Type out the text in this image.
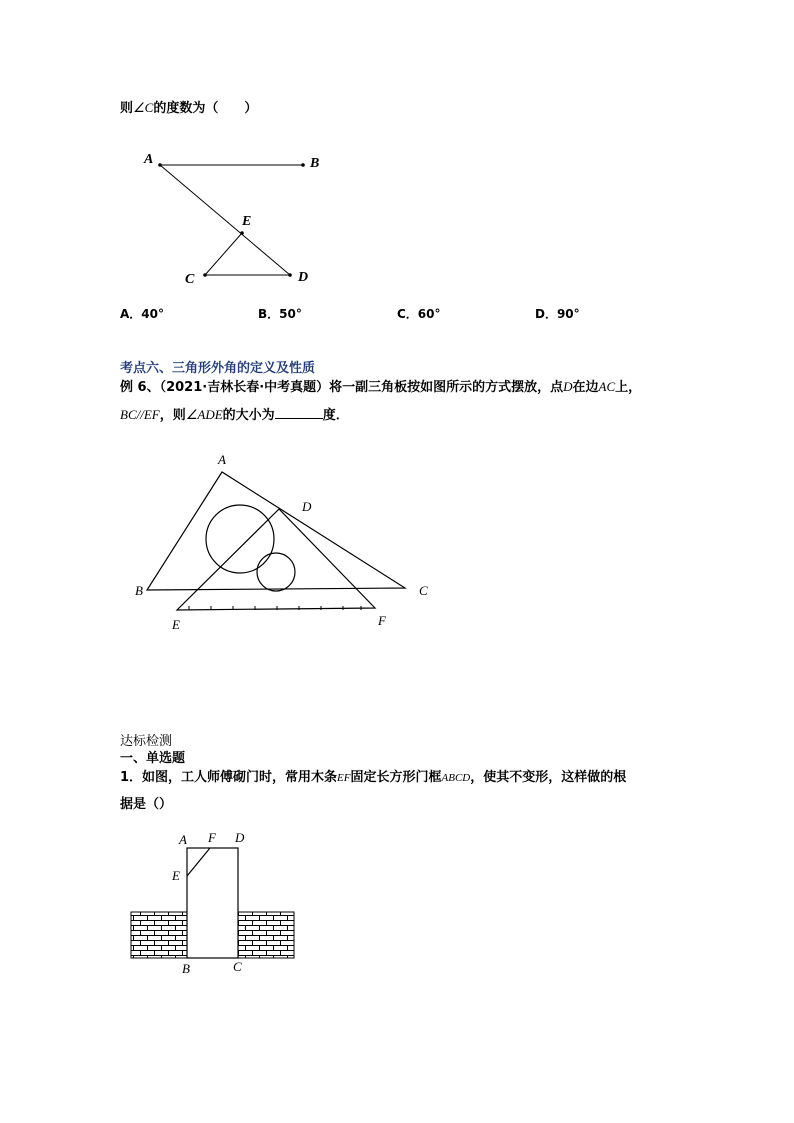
则∠C的度数为（　　）
A	B
E
C	D
A．40°	B．50°	C．60°	D．90°
考点六、三角形外角的定义及性质
例 6、（2021·吉林长春·中考真题）将一副三角板按如图所示的方式摆放，点D在边AC上，
BC//EF，则∠ADE的大小为	度．
A
D
B	C
E	F
达标检测
一、单选题
1．如图，工人师傅砌门时，常用木条EF固定长方形门框ABCD，使其不变形，这样做的根
据是（）
A F D
E
B	C
